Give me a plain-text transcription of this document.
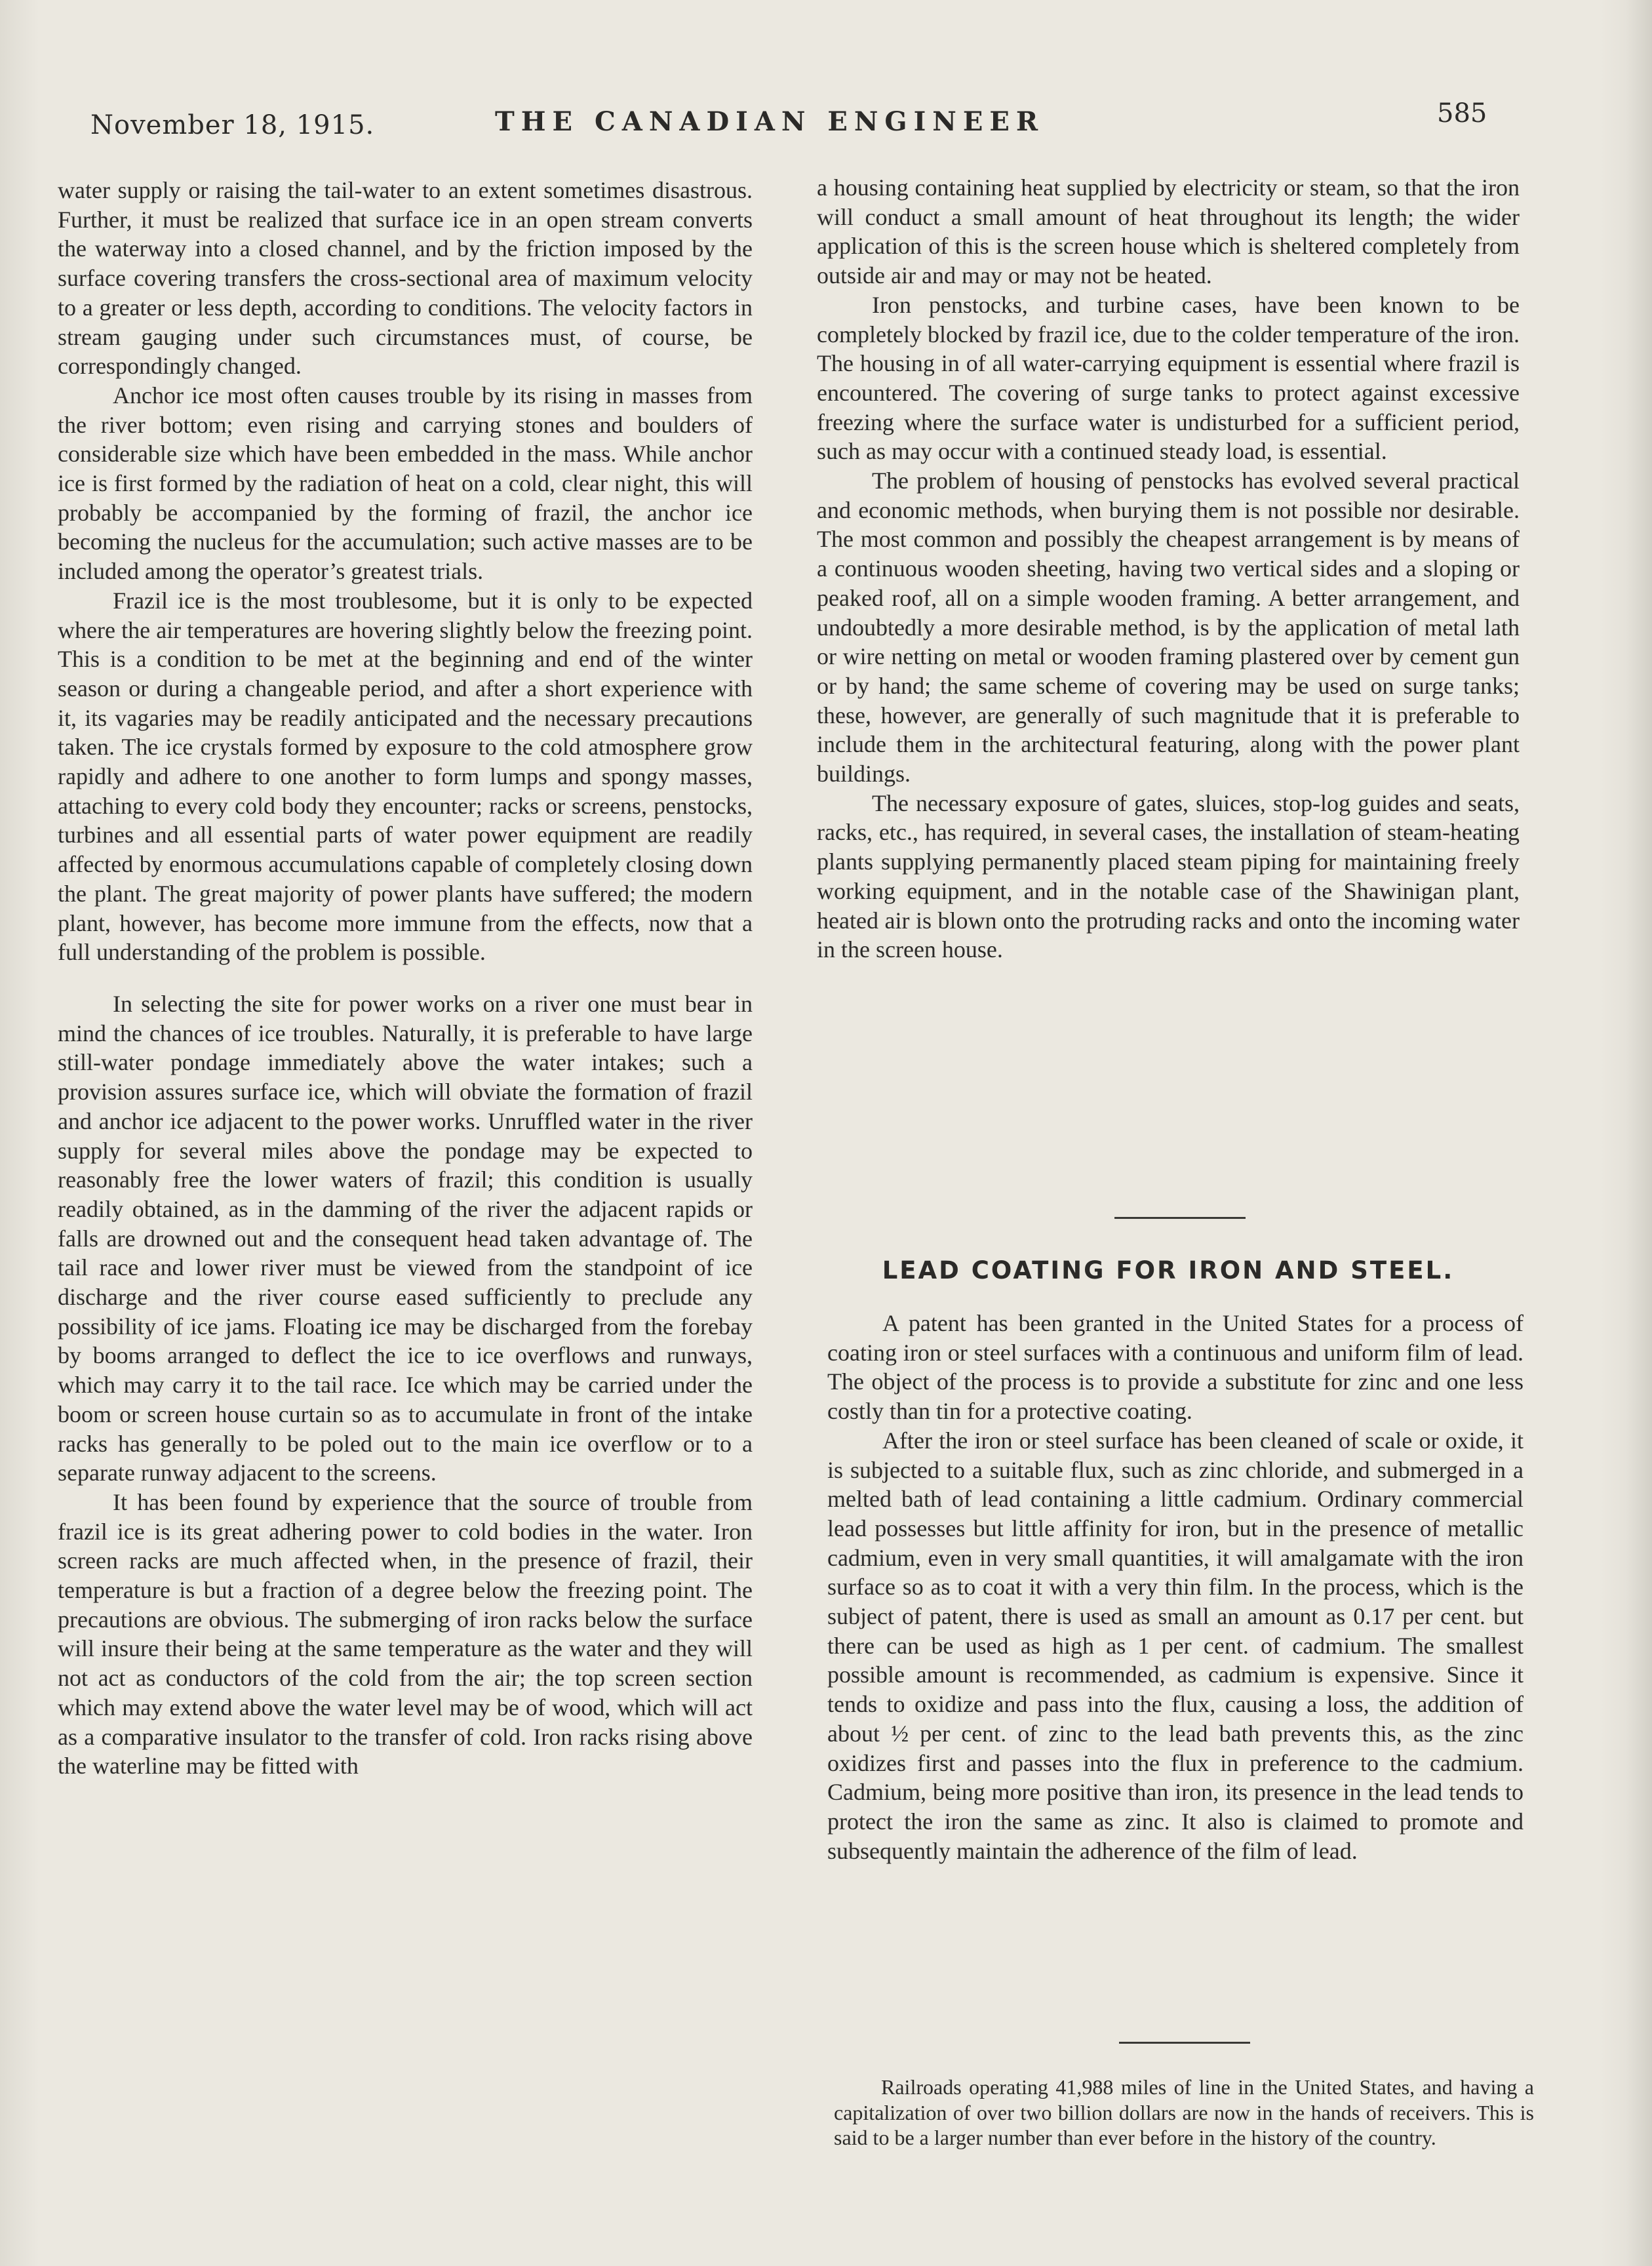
November 18, 1915.	THE CANADIAN ENGINEER	585

water supply or raising the tail-water to an extent sometimes disastrous. Further, it must be realized that surface ice in an open stream converts the waterway into a closed channel, and by the friction imposed by the surface covering transfers the cross-sectional area of maximum velocity to a greater or less depth, according to conditions. The velocity factors in stream gauging under such circumstances must, of course, be correspondingly changed.

Anchor ice most often causes trouble by its rising in masses from the river bottom; even rising and carrying stones and boulders of considerable size which have been embedded in the mass. While anchor ice is first formed by the radiation of heat on a cold, clear night, this will probably be accompanied by the forming of frazil, the anchor ice becoming the nucleus for the accumulation; such active masses are to be included among the operator’s greatest trials.

Frazil ice is the most troublesome, but it is only to be expected where the air temperatures are hovering slightly below the freezing point. This is a condition to be met at the beginning and end of the winter season or during a changeable period, and after a short experience with it, its vagaries may be readily anticipated and the necessary precautions taken. The ice crystals formed by exposure to the cold atmosphere grow rapidly and adhere to one another to form lumps and spongy masses, attaching to every cold body they encounter; racks or screens, penstocks, turbines and all essential parts of water power equipment are readily affected by enormous accumulations capable of completely closing down the plant. The great majority of power plants have suffered; the modern plant, however, has become more immune from the effects, now that a full understanding of the problem is possible.

In selecting the site for power works on a river one must bear in mind the chances of ice troubles. Naturally, it is preferable to have large still-water pondage immediately above the water intakes; such a provision assures surface ice, which will obviate the formation of frazil and anchor ice adjacent to the power works. Unruffled water in the river supply for several miles above the pondage may be expected to reasonably free the lower waters of frazil; this condition is usually readily obtained, as in the damming of the river the adjacent rapids or falls are drowned out and the consequent head taken advantage of. The tail race and lower river must be viewed from the standpoint of ice discharge and the river course eased sufficiently to preclude any possibility of ice jams. Floating ice may be discharged from the forebay by booms arranged to deflect the ice to ice overflows and runways, which may carry it to the tail race. Ice which may be carried under the boom or screen house curtain so as to accumulate in front of the intake racks has generally to be poled out to the main ice overflow or to a separate runway adjacent to the screens.

It has been found by experience that the source of trouble from frazil ice is its great adhering power to cold bodies in the water. Iron screen racks are much affected when, in the presence of frazil, their temperature is but a fraction of a degree below the freezing point. The precautions are obvious. The submerging of iron racks below the surface will insure their being at the same temperature as the water and they will not act as conductors of the cold from the air; the top screen section which may extend above the water level may be of wood, which will act as a comparative insulator to the transfer of cold. Iron racks rising above the waterline may be fitted with

a housing containing heat supplied by electricity or steam, so that the iron will conduct a small amount of heat throughout its length; the wider application of this is the screen house which is sheltered completely from outside air and may or may not be heated.

Iron penstocks, and turbine cases, have been known to be completely blocked by frazil ice, due to the colder temperature of the iron. The housing in of all water-carrying equipment is essential where frazil is encountered. The covering of surge tanks to protect against excessive freezing where the surface water is undisturbed for a sufficient period, such as may occur with a continued steady load, is essential.

The problem of housing of penstocks has evolved several practical and economic methods, when burying them is not possible nor desirable. The most common and possibly the cheapest arrangement is by means of a continuous wooden sheeting, having two vertical sides and a sloping or peaked roof, all on a simple wooden framing. A better arrangement, and undoubtedly a more desirable method, is by the application of metal lath or wire netting on metal or wooden framing plastered over by cement gun or by hand; the same scheme of covering may be used on surge tanks; these, however, are generally of such magnitude that it is preferable to include them in the architectural featuring, along with the power plant buildings.

The necessary exposure of gates, sluices, stop-log guides and seats, racks, etc., has required, in several cases, the installation of steam-heating plants supplying permanently placed steam piping for maintaining freely working equipment, and in the notable case of the Shawinigan plant, heated air is blown onto the protruding racks and onto the incoming water in the screen house.

LEAD COATING FOR IRON AND STEEL.

A patent has been granted in the United States for a process of coating iron or steel surfaces with a continuous and uniform film of lead. The object of the process is to provide a substitute for zinc and one less costly than tin for a protective coating.

After the iron or steel surface has been cleaned of scale or oxide, it is subjected to a suitable flux, such as zinc chloride, and submerged in a melted bath of lead containing a little cadmium. Ordinary commercial lead possesses but little affinity for iron, but in the presence of metallic cadmium, even in very small quantities, it will amalgamate with the iron surface so as to coat it with a very thin film. In the process, which is the subject of patent, there is used as small an amount as 0.17 per cent. but there can be used as high as 1 per cent. of cadmium. The smallest possible amount is recommended, as cadmium is expensive. Since it tends to oxidize and pass into the flux, causing a loss, the addition of about ½ per cent. of zinc to the lead bath prevents this, as the zinc oxidizes first and passes into the flux in preference to the cadmium. Cadmium, being more positive than iron, its presence in the lead tends to protect the iron the same as zinc. It also is claimed to promote and subsequently maintain the adherence of the film of lead.

Railroads operating 41,988 miles of line in the United States, and having a capitalization of over two billion dollars are now in the hands of receivers. This is said to be a larger number than ever before in the history of the country.
